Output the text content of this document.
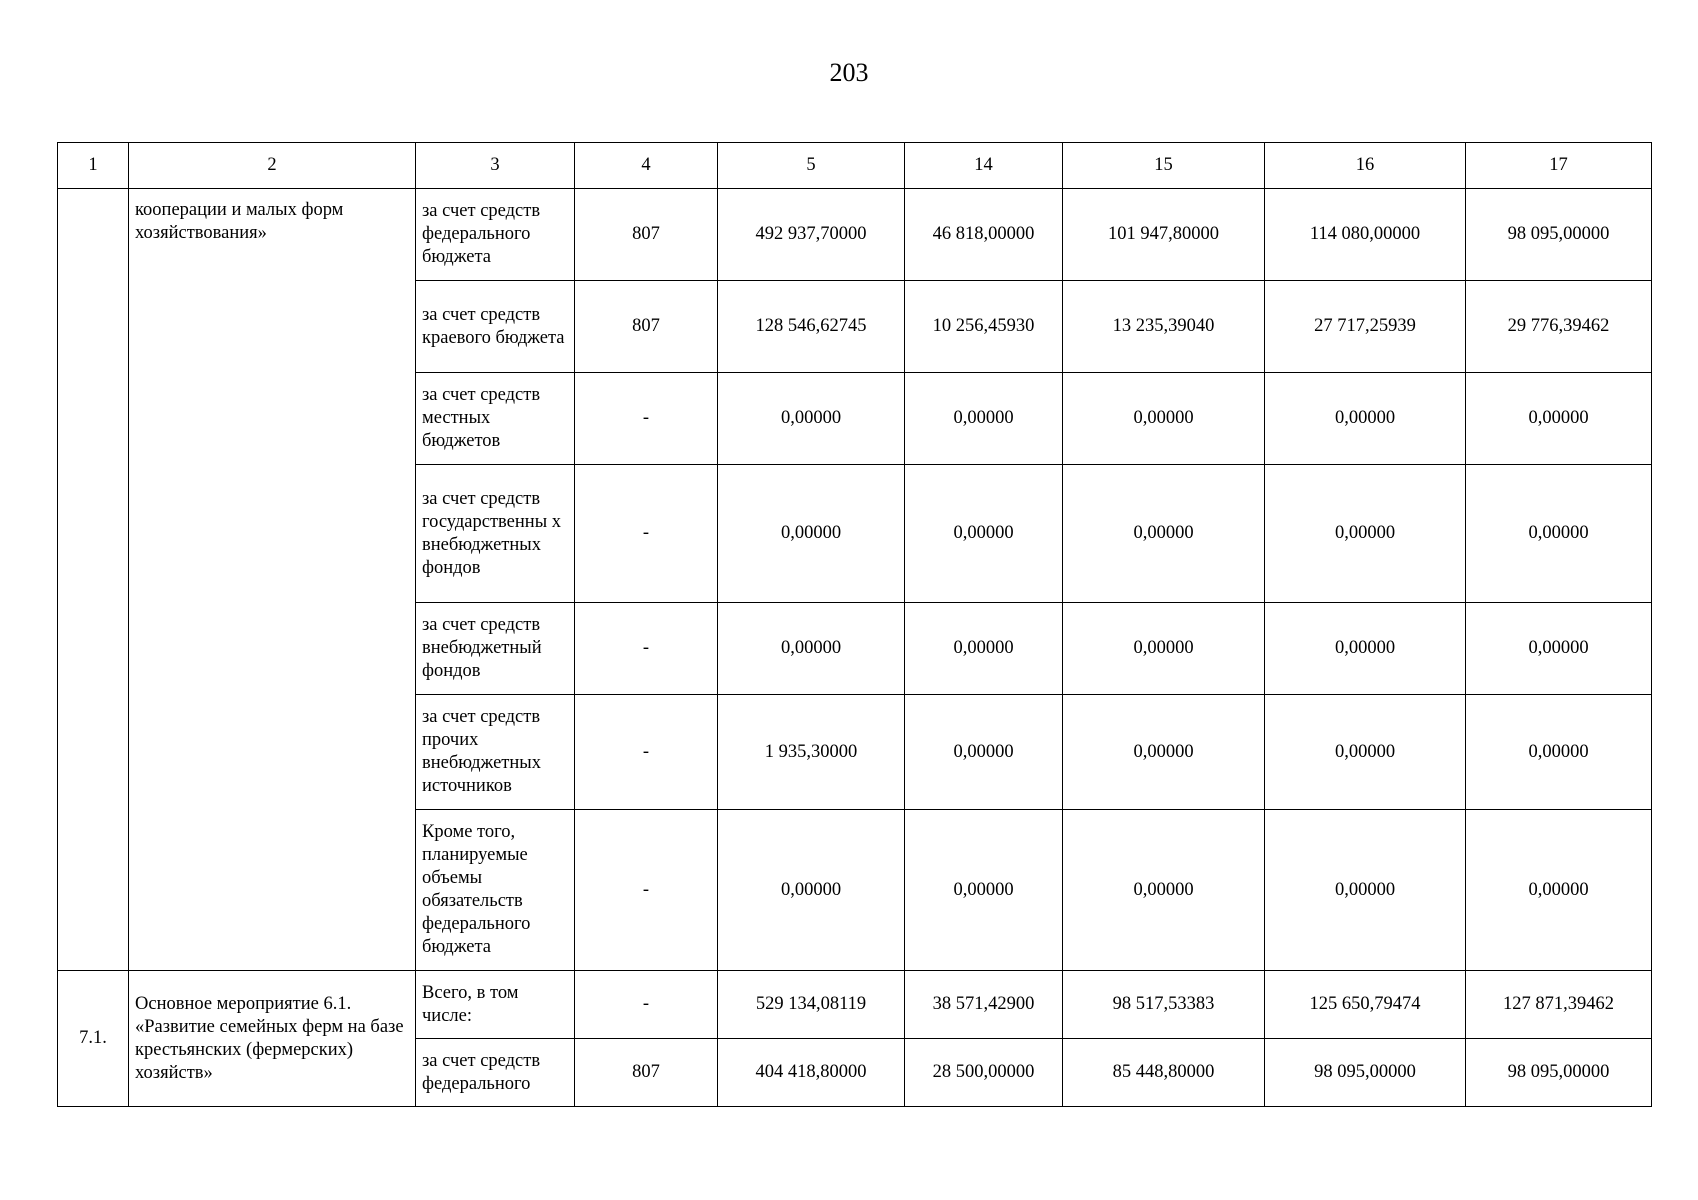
203
1	2	3	4	5	14	15	16	17
	кооперации и малых форм хозяйствования»	за счет средств федерального бюджета	807	492 937,70000	46 818,00000	101 947,80000	114 080,00000	98 095,00000
		за счет средств краевого бюджета	807	128 546,62745	10 256,45930	13 235,39040	27 717,25939	29 776,39462
		за счет средств местных бюджетов	-	0,00000	0,00000	0,00000	0,00000	0,00000
		за счет средств государственны х внебюджетных фондов	-	0,00000	0,00000	0,00000	0,00000	0,00000
		за счет средств внебюджетный фондов	-	0,00000	0,00000	0,00000	0,00000	0,00000
		за счет средств прочих внебюджетных источников	-	1 935,30000	0,00000	0,00000	0,00000	0,00000
		Кроме того, планируемые объемы обязательств федерального бюджета	-	0,00000	0,00000	0,00000	0,00000	0,00000
7.1.	Основное мероприятие 6.1. «Развитие семейных ферм на базе крестьянских (фермерских) хозяйств»	Всего, в том числе:	-	529 134,08119	38 571,42900	98 517,53383	125 650,79474	127 871,39462
		за счет средств федерального	807	404 418,80000	28 500,00000	85 448,80000	98 095,00000	98 095,00000
